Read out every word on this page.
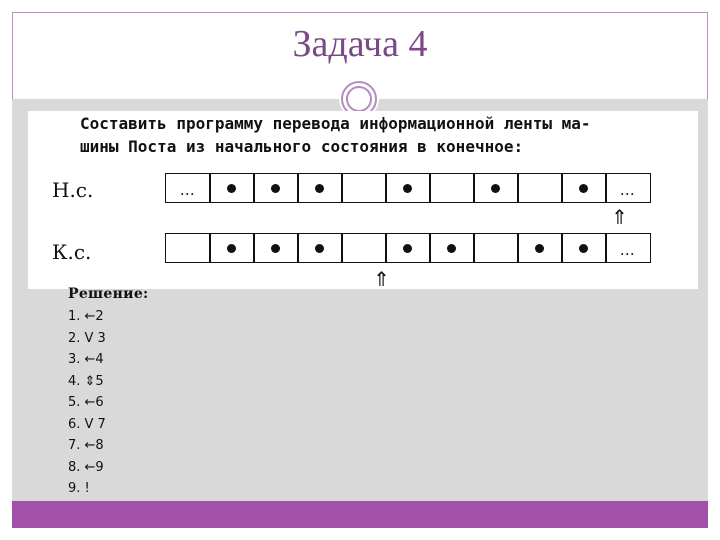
Задача 4
Составить программу перевода информационной ленты ма-
шины Поста из начального состояния в конечное:
Н.с.	…	…
⇑
К.с.	…
⇑
Решение:
1. ←2
2. V 3
3. ←4
4. ⇕5
5. ←6
6. V 7
7. ←8
8. ←9
9. !
